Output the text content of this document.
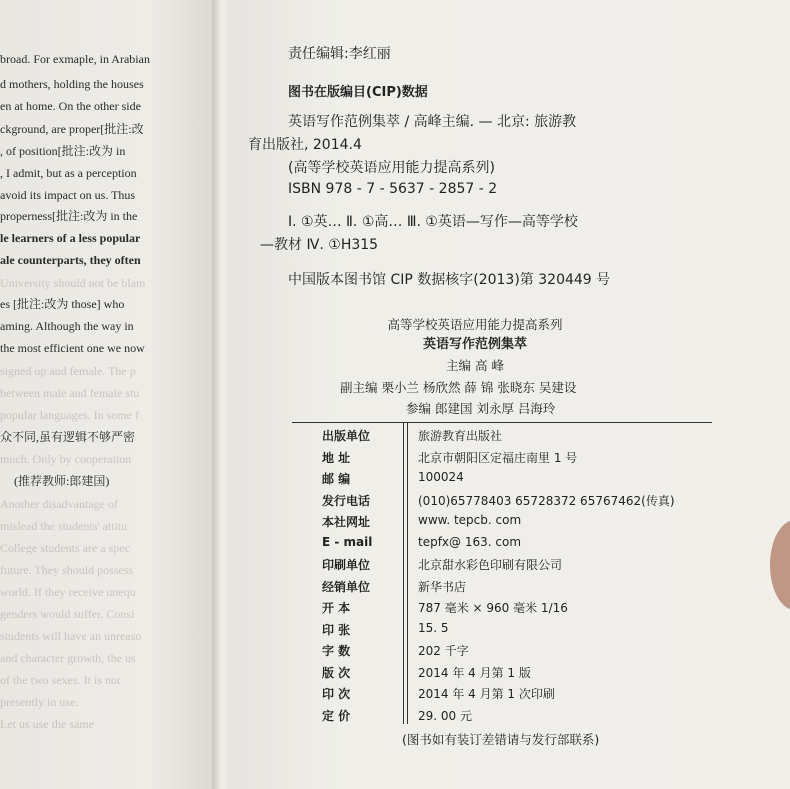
broad. For exmaple, in Arabian
d mothers, holding the houses
en at home. On the other side
ckground, are proper[批注:改
, of position[批注:改为 in
, I admit, but as a perception
avoid its impact on us. Thus
properness[批注:改为 in the
le learners of a less popular
ale counterparts, they often
University should not be blam
es [批注:改为 those] who
aming. Although the way in
the most efficient one we now
signed up and female. The p
between male and female stu
popular languages. In some f
众不同,虽有逻辑不够严密
much. Only by cooperation
(推荐教师:郎建国)
Another disadvantage of
mislead the students' attitu
College students are a spec
future. They should possess
world. If they receive unequ
genders would suffer. Consi
students will have an unreaso
and character growth, the us
of the two sexes. It is not
presently in use.
Let us use the same
责任编辑:李红丽
图书在版编目(CIP)数据
英语写作范例集萃 / 高峰主编. — 北京: 旅游教
育出版社, 2014.4
(高等学校英语应用能力提高系列)
ISBN 978 - 7 - 5637 - 2857 - 2
Ⅰ. ①英… Ⅱ. ①高… Ⅲ. ①英语—写作—高等学校
—教材 Ⅳ. ①H315
中国版本图书馆 CIP 数据核字(2013)第 320449 号
高等学校英语应用能力提高系列
英语写作范例集萃
主编 高 峰
副主编 栗小兰 杨欣然 薛 锦 张晓东 吴建设
参编 郎建国 刘永厚 吕海玲
出版单位	旅游教育出版社
地 址	北京市朝阳区定福庄南里 1 号
邮 编	100024
发行电话	(010)65778403 65728372 65767462(传真)
本社网址	www. tepcb. com
E - mail	tepfx@ 163. com
印刷单位	北京甜水彩色印刷有限公司
经销单位	新华书店
开 本	787 毫米 × 960 毫米 1/16
印 张	15. 5
字 数	202 千字
版 次	2014 年 4 月第 1 版
印 次	2014 年 4 月第 1 次印刷
定 价	29. 00 元
(图书如有装订差错请与发行部联系)
